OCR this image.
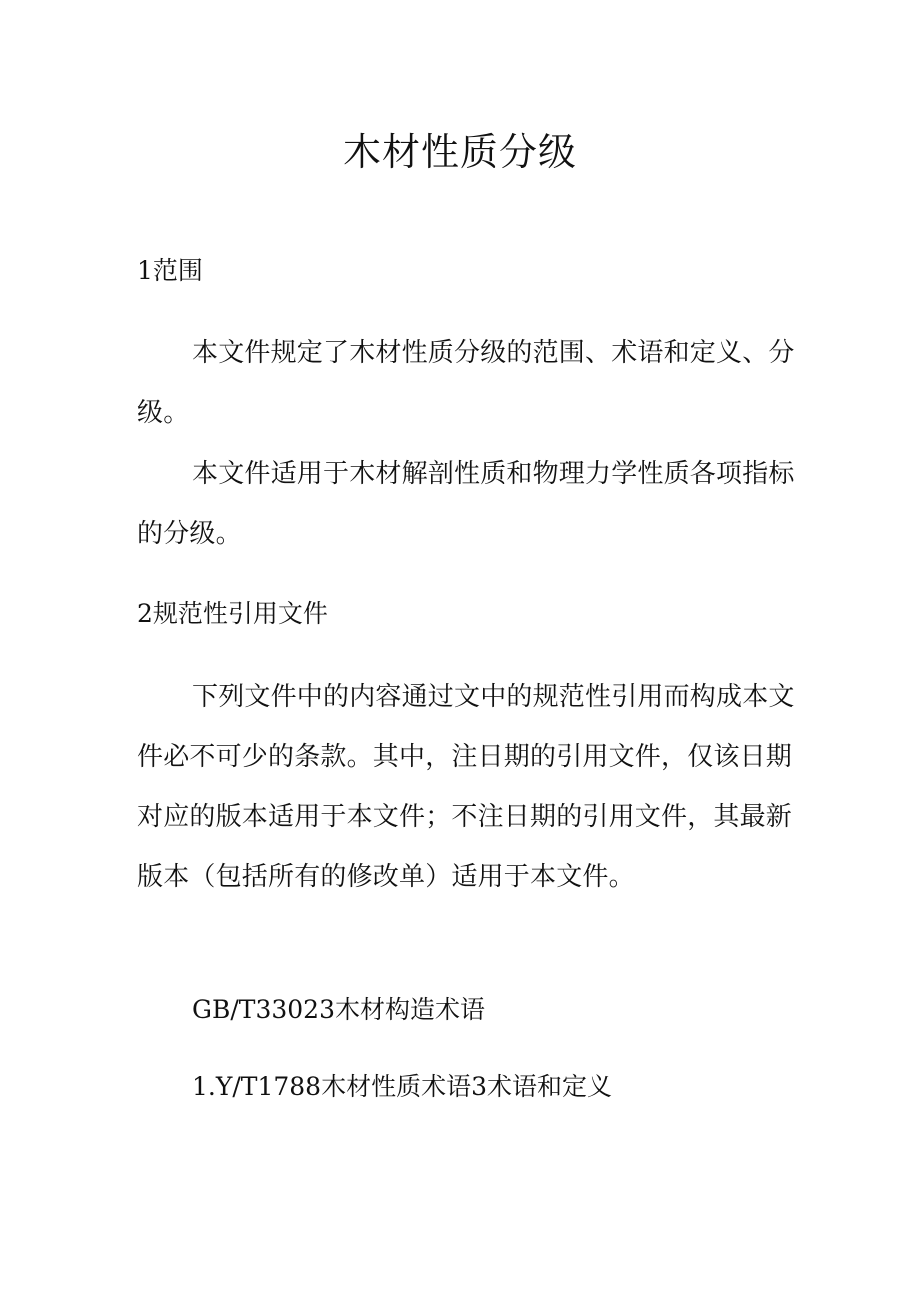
木材性质分级
1范围

本文件规定了木材性质分级的范围、术语和定义、分级。

本文件适用于木材解剖性质和物理力学性质各项指标的分级。

2规范性引用文件

下列文件中的内容通过文中的规范性引用而构成本文件必不可少的条款。其中，注日期的引用文件，仅该日期对应的版本适用于本文件；不注日期的引用文件，其最新版本（包括所有的修改单）适用于本文件。

GB/T33023木材构造术语

1.Y/T1788木材性质术语3术语和定义
